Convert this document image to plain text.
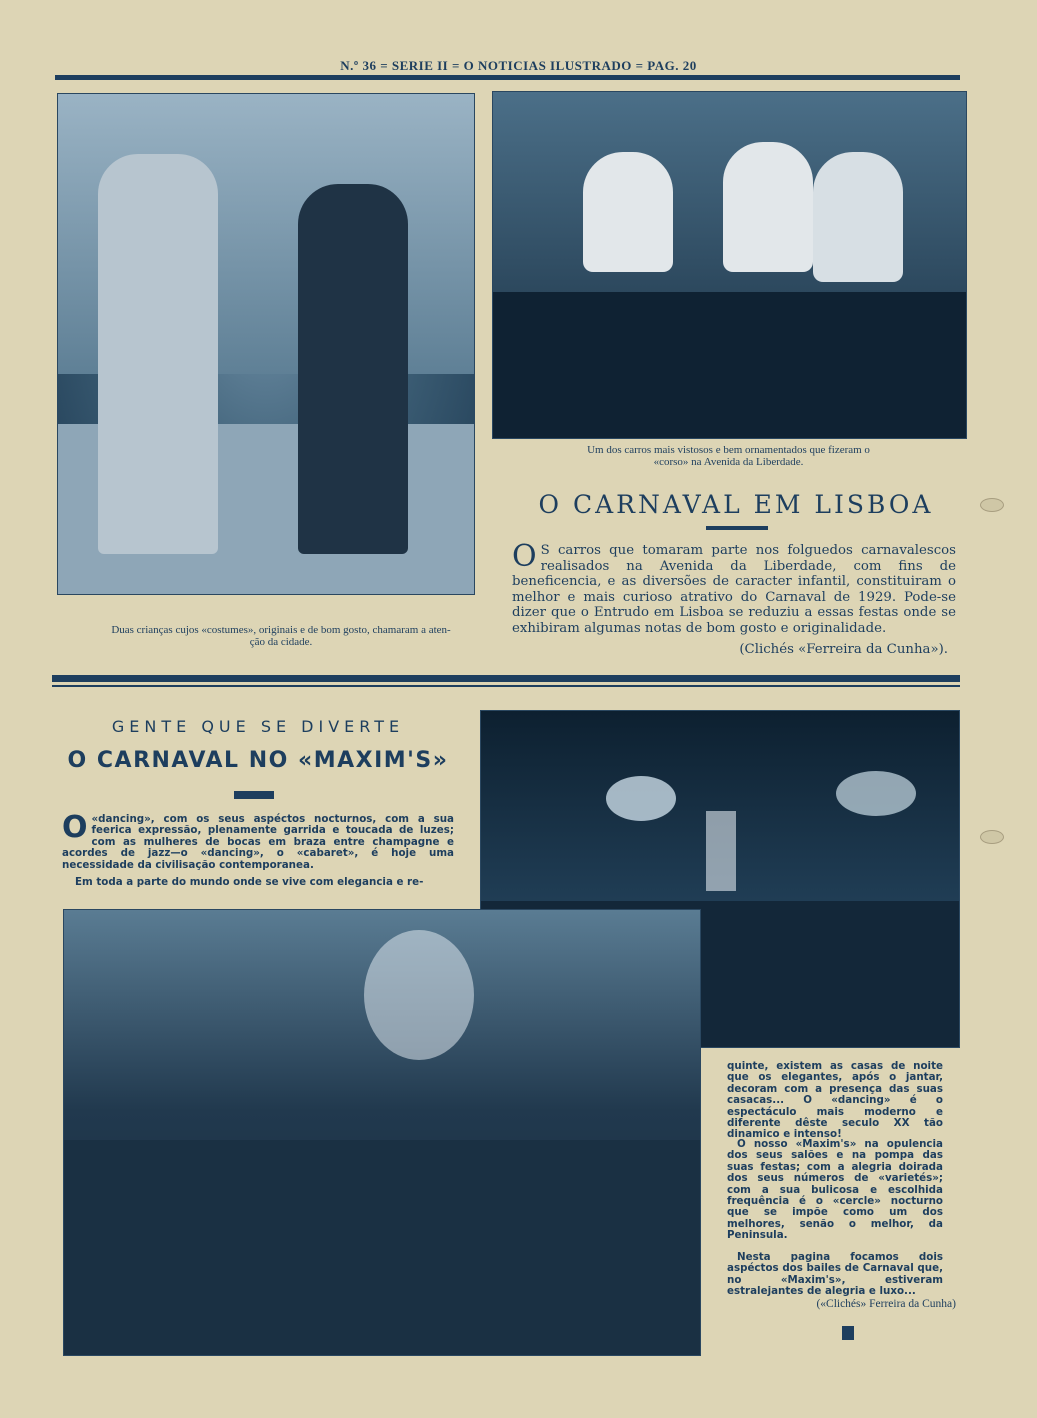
N.º 36 = SERIE II = O NOTICIAS ILUSTRADO = PAG. 20
Duas crianças cujos «costumes», originais e de bom gosto, chamaram a aten-
ção da cidade.
Um dos carros mais vistosos e bem ornamentados que fizeram o
«corso» na Avenida da Liberdade.
O CARNAVAL EM LISBOA
O S carros que tomaram parte nos folguedos carnavalescos realisados na Avenida da Liberdade, com fins de beneficencia, e as diversões de caracter infantil, constituiram o melhor e mais curioso atrativo do Carnaval de 1929. Pode-se dizer que o Entrudo em Lisboa se reduziu a essas festas onde se exhibiram algumas notas de bom gosto e originalidade.
(Clichés «Ferreira da Cunha»).
GENTE QUE SE DIVERTE
O CARNAVAL NO «MAXIM'S»
O «dancing», com os seus aspéctos nocturnos, com a sua feerica expressão, plenamente garrida e toucada de luzes; com as mulheres de bocas em braza entre champagne e acordes de jazz—o «dancing», o «cabaret», é hoje uma necessidade da civilisação contemporanea.
Em toda a parte do mundo onde se vive com elegancia e re-
quinte, existem as casas de noite que os elegantes, após o jantar, decoram com a presença das suas casacas... O «dancing» é o espectáculo mais moderno e diferente dêste seculo XX tão dinamico e intenso!
O nosso «Maxim's» na opulencia dos seus salões e na pompa das suas festas; com a alegria doirada dos seus números de «varietés»; com a sua bulicosa e escolhida frequência é o «cercle» nocturno que se impõe como um dos melhores, senão o melhor, da Peninsula.
Nesta pagina focamos dois aspéctos dos bailes de Carnaval que, no «Maxim's», estiveram estralejantes de alegria e luxo...
(«Clichés» Ferreira da Cunha)
